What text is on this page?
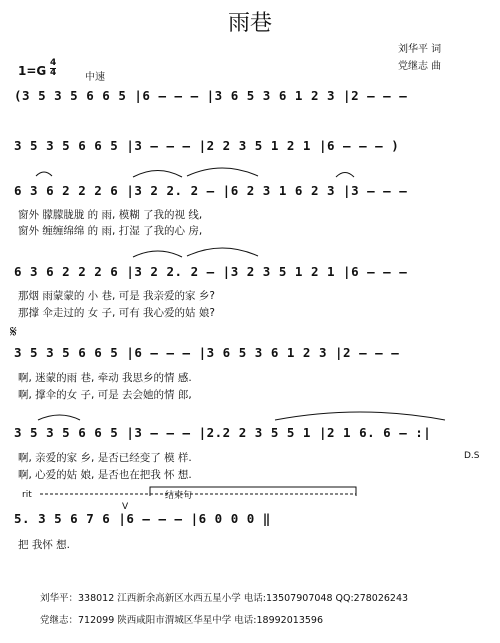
雨巷
刘华平 词
党继志 曲
1=G
4
4	中速
(3 5 3 5 6 6 5 |6 – – – |3 6 5 3 6 1 2 3 |2 – – –
3 5 3 5 6 6 5 |3 – – – |2 2 3 5 1 2 1 |6 – – – )
6 3 6 2 2 2 6 |3 2 2. 2 – |6 2 3 1 6 2 3 |3 – – –
窗外 朦朦胧胧 的 雨, 模糊 了我的视 线,
窗外 缠缠绵绵 的 雨, 打湿 了我的心 房,
6 3 6 2 2 2 6 |3 2 2. 2 – |3 2 3 5 1 2 1 |6 – – –
那烟 雨蒙蒙的 小 巷, 可是 我亲爱的家 乡?
那撑 伞走过的 女 子, 可有 我心爱的姑 娘?
𝄋
3 5 3 5 6 6 5 |6 – – – |3 6 5 3 6 1 2 3 |2 – – –
啊, 迷蒙的雨 巷, 牵动 我思乡的情 感.
啊, 撑伞的女 子, 可是 去会她的情 郎,
3 5 3 5 6 6 5 |3 – – – |2.2 2 3 5 5 1 |2 1 6. 6 – :|
啊, 亲爱的家 乡, 是否已经变了 模 样.
啊, 心爱的姑 娘, 是否也在把我 怀 想.
D.S
rit	结束句
V
5. 3 5 6 7 6 |6 – – – |6 0 0 0 ‖
把 我怀 想.
刘华平：338012 江西新余高新区水西五星小学 电话:13507907048 QQ:278026243
党继志：712099 陕西咸阳市渭城区华星中学 电话:18992013596
